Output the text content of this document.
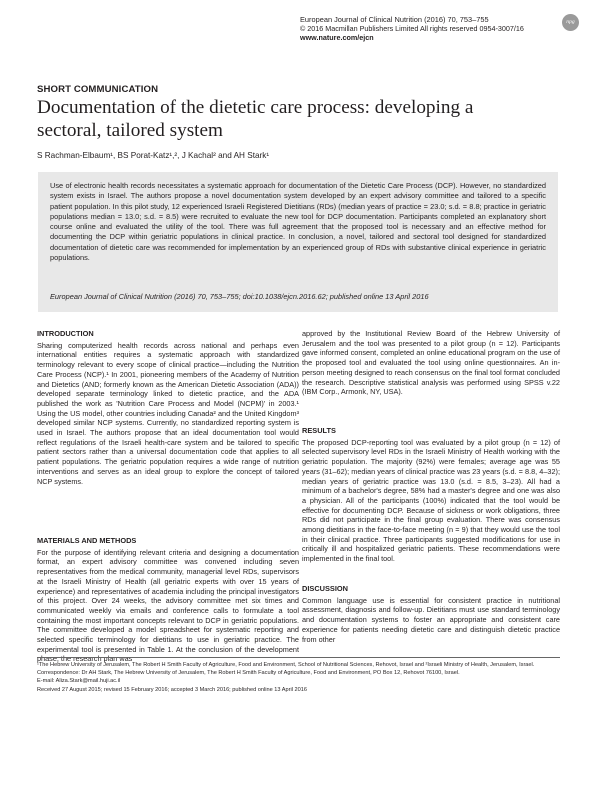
European Journal of Clinical Nutrition (2016) 70, 753–755
© 2016 Macmillan Publishers Limited All rights reserved 0954-3007/16
www.nature.com/ejcn
npg
SHORT COMMUNICATION
Documentation of the dietetic care process: developing a
sectoral, tailored system
S Rachman-Elbaum¹, BS Porat-Katz¹,², J Kachal² and AH Stark¹
Use of electronic health records necessitates a systematic approach for documentation of the Dietetic Care Process (DCP). However, no standardized system exists in Israel. The authors propose a novel documentation system developed by an expert advisory committee and tailored to a specific patient population. In this pilot study, 12 experienced Israeli Registered Dietitians (RDs) (median years of practice = 23.0; s.d. = 8.8; practice in geriatric populations median = 13.0; s.d. = 8.5) were recruited to evaluate the new tool for DCP documentation. Participants completed an explanatory short course online and evaluated the utility of the tool. There was full agreement that the proposed tool is necessary and an effective method for documenting the DCP within geriatric populations in clinical practice. In conclusion, a novel, tailored and sectoral tool designed for standardized documentation of dietetic care was recommended for implementation by an experienced group of RDs with substantive clinical experience in geriatric populations.
European Journal of Clinical Nutrition (2016) 70, 753–755; doi:10.1038/ejcn.2016.62; published online 13 April 2016
INTRODUCTION

Sharing computerized health records across national and perhaps even international entities requires a systematic approach with standardized terminology relevant to every scope of clinical practice—including the Nutrition Care Process (NCP).¹ In 2001, pioneering members of the Academy of Nutrition and Dietetics (AND; formerly known as the American Dietetic Association (ADA)) developed separate terminology linked to dietetic practice, and the ADA published the work as 'Nutrition Care Process and Model (NCPM)' in 2003.¹ Using the US model, other countries including Canada² and the United Kingdom³ developed similar NCP systems. Currently, no standardized reporting system is used in Israel. The authors propose that an ideal documentation tool would reflect regulations of the Israeli health-care system and be tailored to specific patient sectors rather than a universal documentation code that applies to all patient populations. The geriatric population requires a wide range of nutrition interventions and serves as an ideal group to explore the concept of tailored NCP systems.

MATERIALS AND METHODS

For the purpose of identifying relevant criteria and designing a documentation format, an expert advisory committee was convened including seven representatives from the medical community, managerial level RDs, supervisors at the Israeli Ministry of Health (all geriatric experts with over 15 years of experience) and representatives of academia including the principal investigators of this project. Over 24 weeks, the advisory committee met six times and communicated weekly via emails and conference calls to formulate a tool containing the most important concepts relevant to DCP in geriatric populations. The committee developed a model spreadsheet for systematic reporting and selected specific terminology for dietitians to use in geriatric practice. The experimental tool is presented in Table 1. At the conclusion of the development phase, the research plan was

approved by the Institutional Review Board of the Hebrew University of Jerusalem and the tool was presented to a pilot group (n = 12). Participants gave informed consent, completed an online educational program on the use of the proposed tool and evaluated the tool using online questionnaires. An in-person meeting designed to reach consensus on the final tool format concluded the research. Descriptive statistical analysis was performed using SPSS v.22 (IBM Corp., Armonk, NY, USA).

RESULTS

The proposed DCP-reporting tool was evaluated by a pilot group (n = 12) of selected supervisory level RDs in the Israeli Ministry of Health working with the geriatric population. The majority (92%) were females; average age was 55 years (31–62); median years of clinical practice was 23 years (s.d. = 8.8, 4–32); median years of geriatric practice was 13.0 (s.d. = 8.5, 3–23). All had a minimum of a bachelor's degree, 58% had a master's degree and one was also a physician. All of the participants (100%) indicated that the tool would be effective for documenting DCP. Because of sickness or work obligations, three RDs did not participate in the final group evaluation. There was consensus among dietitians in the face-to-face meeting (n = 9) that they would use the tool in their clinical practice. Three participants suggested modifications for use in critically ill and hospitalized geriatric patients. These recommendations were implemented in the final tool.

DISCUSSION

Common language use is essential for consistent practice in nutritional assessment, diagnosis and follow-up. Dietitians must use standard terminology and documentation systems to foster an appropriate and consistent care experience for patients needing dietetic care and distinguish dietetic practice from other

¹The Hebrew University of Jerusalem, The Robert H Smith Faculty of Agriculture, Food and Environment, School of Nutritional Sciences, Rehovot, Israel and ²Israeli Ministry of Health, Jerusalem, Israel. Correspondence: Dr AH Stark, The Hebrew University of Jerusalem, The Robert H Smith Faculty of Agriculture, Food and Environment, PO Box 12, Rehovot 76100, Israel.
E-mail: Aliza.Stark@mail.huji.ac.il
Received 27 August 2015; revised 15 February 2016; accepted 3 March 2016; published online 13 April 2016
